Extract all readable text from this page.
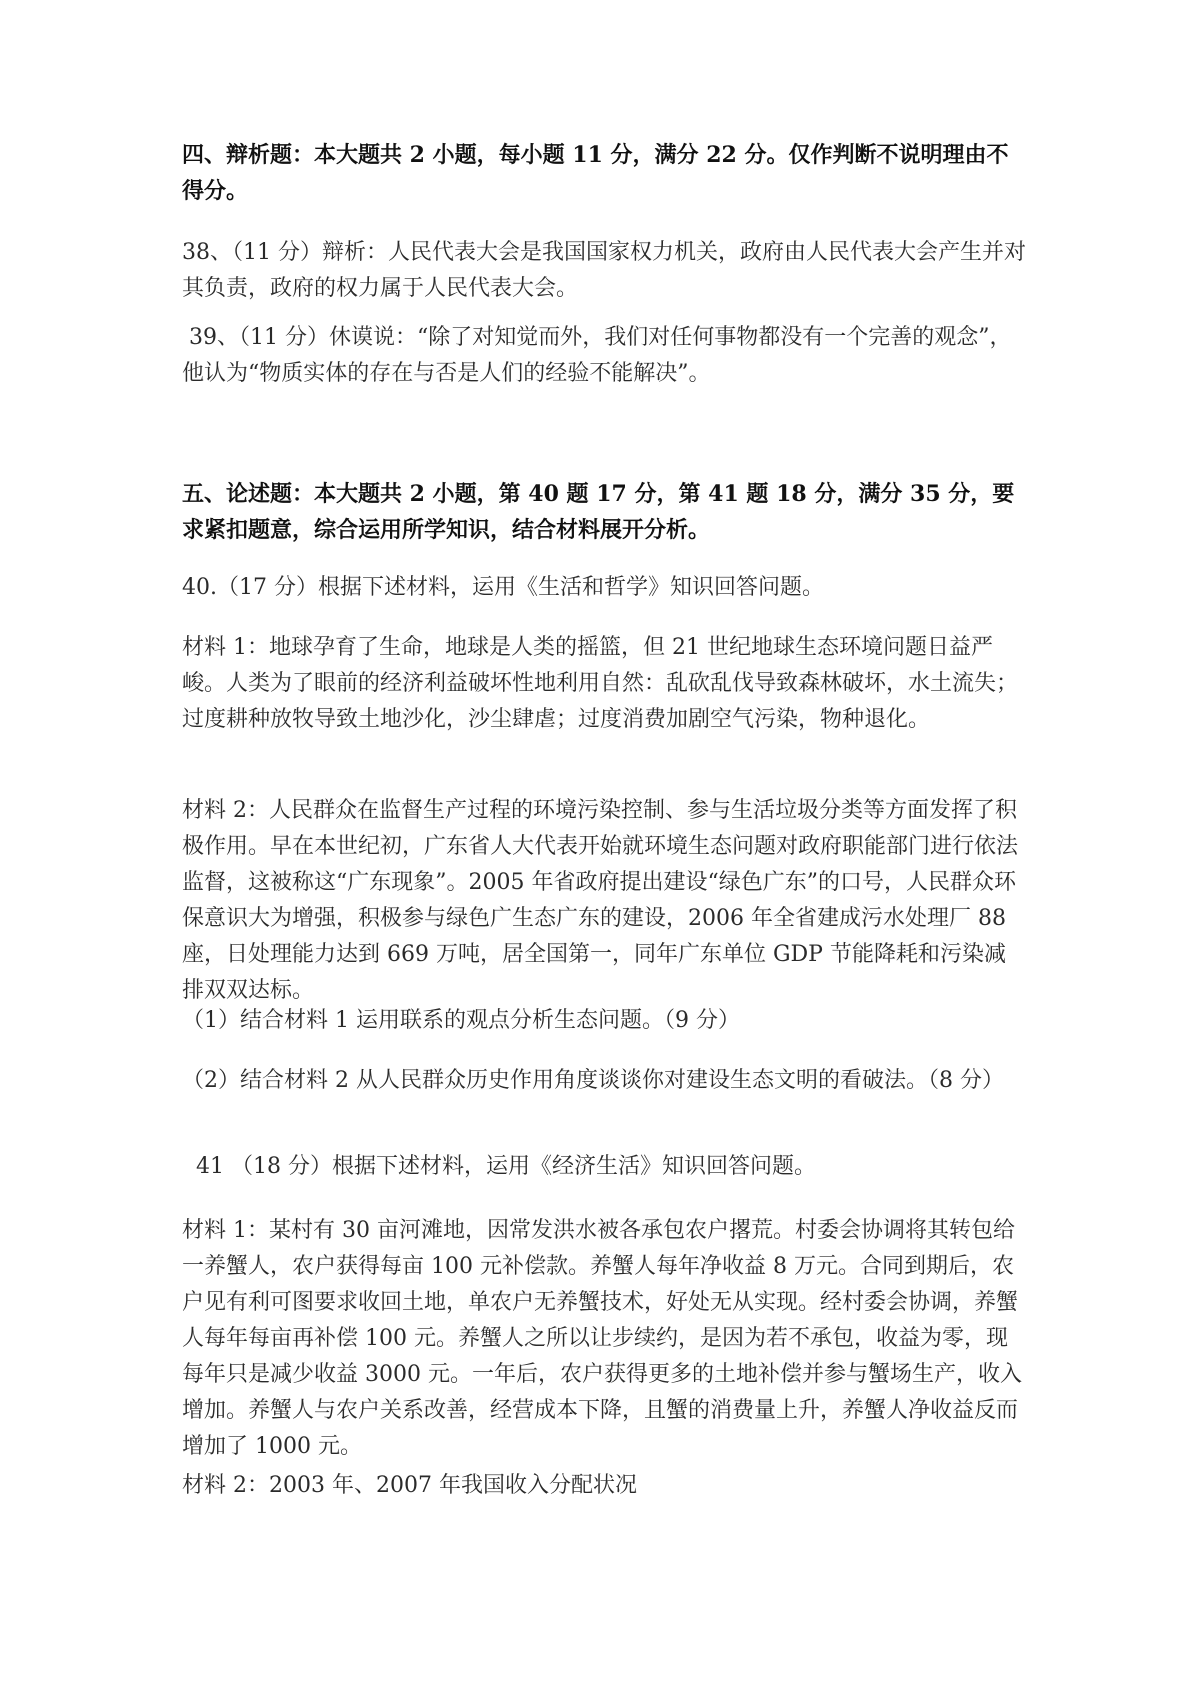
四、辩析题：本大题共 2 小题，每小题 11 分，满分 22 分。仅作判断不说明理由不得分。

38、（11 分）辩析：人民代表大会是我国国家权力机关，政府由人民代表大会产生并对其负责，政府的权力属于人民代表大会。

39、（11 分）休谟说：“除了对知觉而外，我们对任何事物都没有一个完善的观念”，他认为“物质实体的存在与否是人们的经验不能解决”。

五、论述题：本大题共 2 小题，第 40 题 17 分，第 41 题 18 分，满分 35 分，要求紧扣题意，综合运用所学知识，结合材料展开分析。

40.（17 分）根据下述材料，运用《生活和哲学》知识回答问题。

材料 1：地球孕育了生命，地球是人类的摇篮，但 21 世纪地球生态环境问题日益严峻。人类为了眼前的经济利益破坏性地利用自然：乱砍乱伐导致森林破坏，水土流失；过度耕种放牧导致土地沙化，沙尘肆虐；过度消费加剧空气污染，物种退化。

材料 2：人民群众在监督生产过程的环境污染控制、参与生活垃圾分类等方面发挥了积极作用。早在本世纪初，广东省人大代表开始就环境生态问题对政府职能部门进行依法监督，这被称这“广东现象”。2005 年省政府提出建设“绿色广东”的口号，人民群众环保意识大为增强，积极参与绿色广生态广东的建设，2006 年全省建成污水处理厂 88 座，日处理能力达到 669 万吨，居全国第一，同年广东单位 GDP 节能降耗和污染减排双双达标。

（1）结合材料 1 运用联系的观点分析生态问题。（9 分）

（2）结合材料 2 从人民群众历史作用角度谈谈你对建设生态文明的看破法。（8 分）

41 （18 分）根据下述材料，运用《经济生活》知识回答问题。

材料 1：某村有 30 亩河滩地，因常发洪水被各承包农户撂荒。村委会协调将其转包给一养蟹人，农户获得每亩 100 元补偿款。养蟹人每年净收益 8 万元。合同到期后，农户见有利可图要求收回土地，单农户无养蟹技术，好处无从实现。经村委会协调，养蟹人每年每亩再补偿 100 元。养蟹人之所以让步续约，是因为若不承包，收益为零，现每年只是减少收益 3000 元。一年后，农户获得更多的土地补偿并参与蟹场生产，收入增加。养蟹人与农户关系改善，经营成本下降，且蟹的消费量上升，养蟹人净收益反而增加了 1000 元。

材料 2：2003 年、2007 年我国收入分配状况
